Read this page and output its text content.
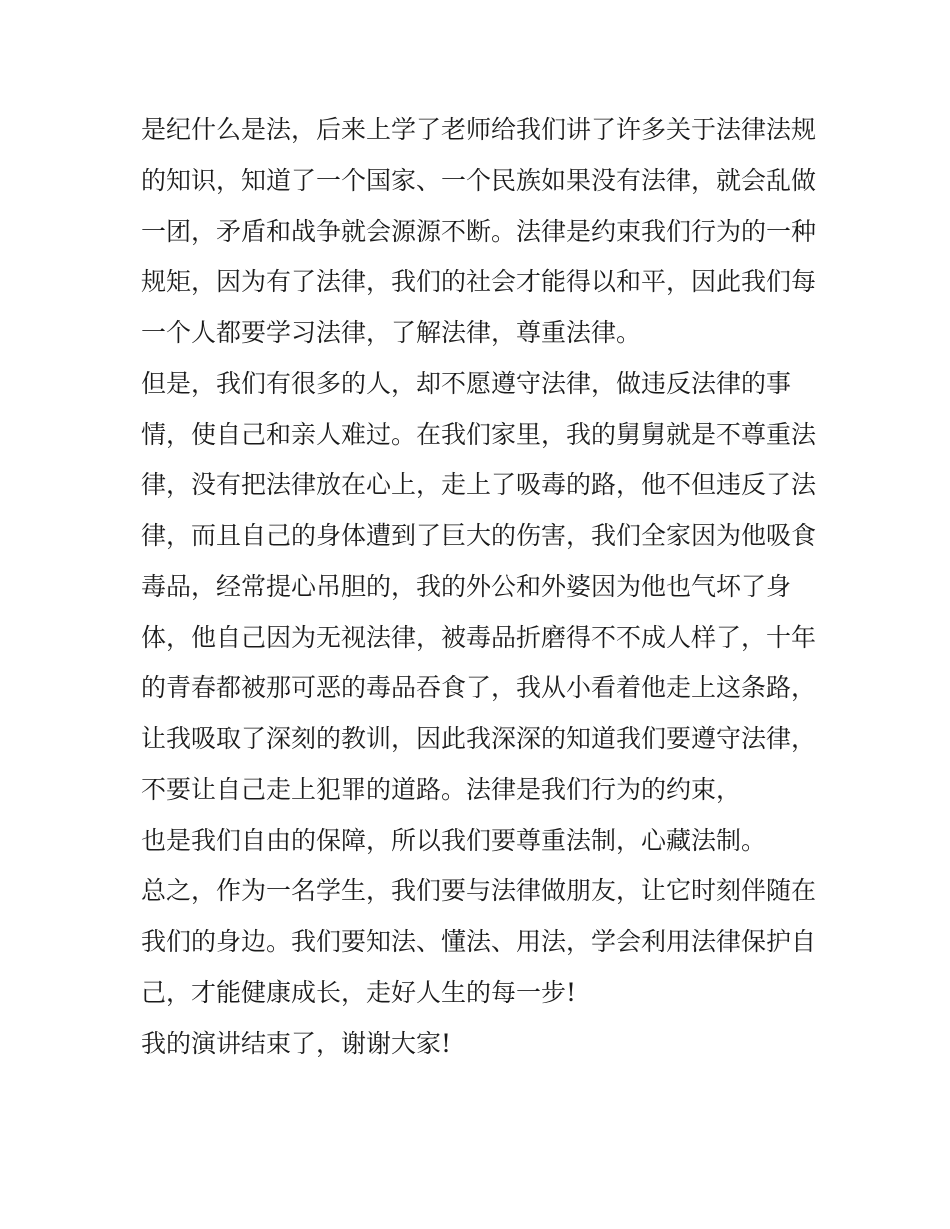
是纪什么是法，后来上学了老师给我们讲了许多关于法律法规
的知识，知道了一个国家、一个民族如果没有法律，就会乱做
一团，矛盾和战争就会源源不断。法律是约束我们行为的一种
规矩，因为有了法律，我们的社会才能得以和平，因此我们每
一个人都要学习法律，了解法律，尊重法律。
但是，我们有很多的人，却不愿遵守法律，做违反法律的事
情，使自己和亲人难过。在我们家里，我的舅舅就是不尊重法
律，没有把法律放在心上，走上了吸毒的路，他不但违反了法
律，而且自己的身体遭到了巨大的伤害，我们全家因为他吸食
毒品，经常提心吊胆的，我的外公和外婆因为他也气坏了身
体，他自己因为无视法律，被毒品折磨得不不成人样了，十年
的青春都被那可恶的毒品吞食了，我从小看着他走上这条路，
让我吸取了深刻的教训，因此我深深的知道我们要遵守法律，
不要让自己走上犯罪的道路。法律是我们行为的约束，
也是我们自由的保障，所以我们要尊重法制，心藏法制。
总之，作为一名学生，我们要与法律做朋友，让它时刻伴随在
我们的身边。我们要知法、懂法、用法，学会利用法律保护自
己，才能健康成长，走好人生的每一步!
我的演讲结束了，谢谢大家!
